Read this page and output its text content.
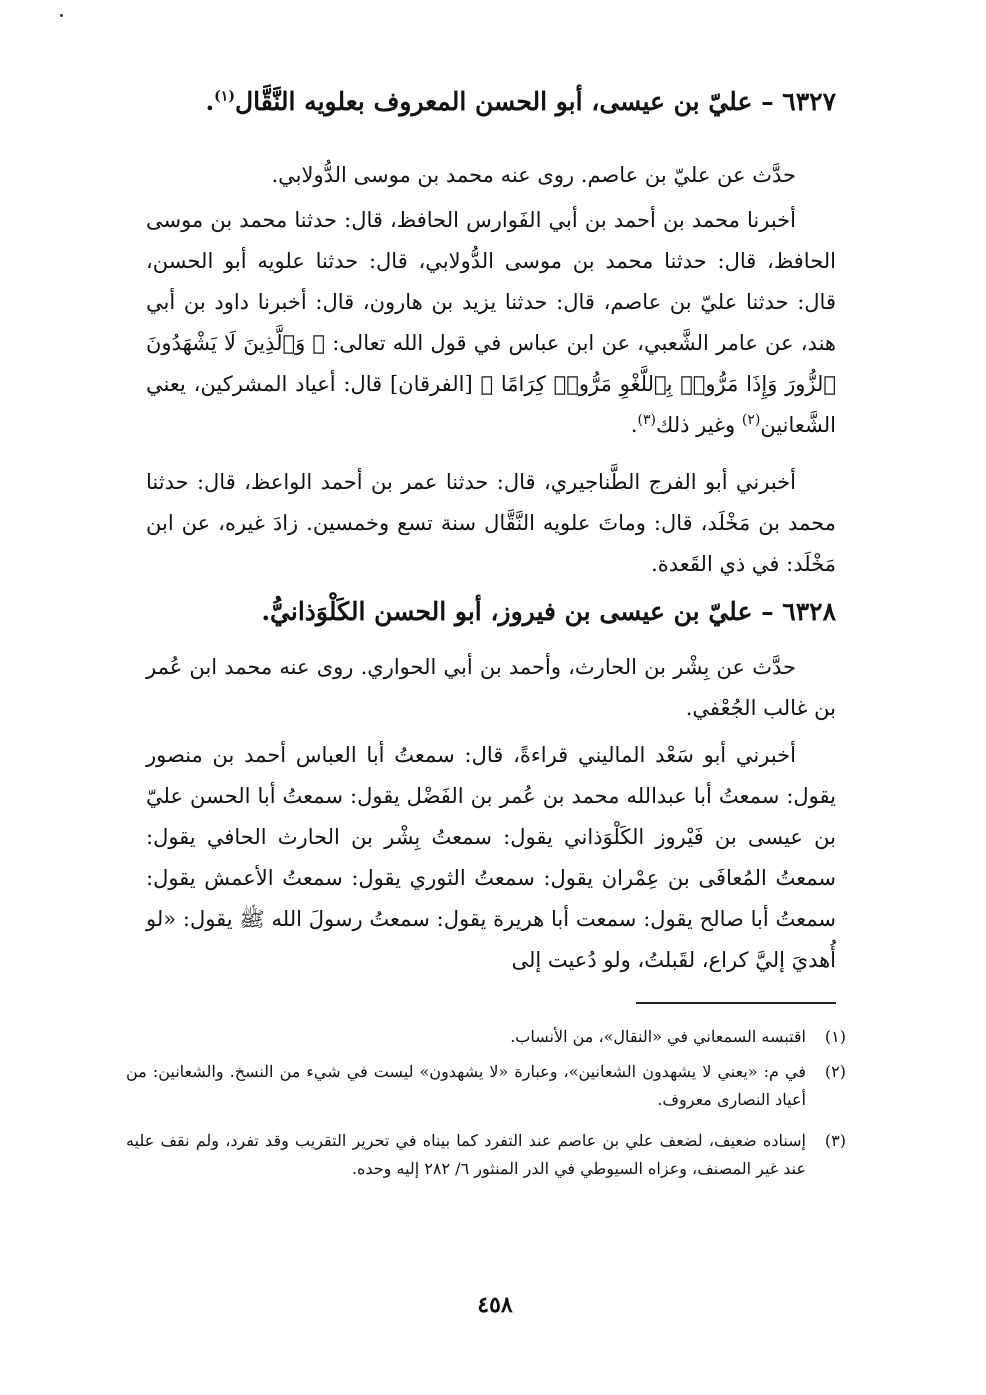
٦٣٢٧ – عليّ بن عيسى، أبو الحسن المعروف بعلويه النَّقَّال$^{(١)}$.
حدَّث عن عليّ بن عاصم. روى عنه محمد بن موسى الدُّولابي.
أخبرنا محمد بن أحمد بن أبي الفَوارس الحافظ، قال: حدثنا محمد بن موسى الحافظ، قال: حدثنا محمد بن موسى الدُّولابي، قال: حدثنا علويه أبو الحسن، قال: حدثنا عليّ بن عاصم، قال: حدثنا يزيد بن هارون، قال: أخبرنا داود بن أبي هند، عن عامر الشَّعبي، عن ابن عباس في قول الله تعالى: ﴿ وَٱلَّذِينَ لَا يَشْهَدُونَ ٱلزُّورَ وَإِذَا مَرُّوا۟ بِٱللَّغْوِ مَرُّوا۟ كِرَامًا ﴾ [الفرقان] قال: أعياد المشركين، يعني الشَّعانين$^{(٢)}$ وغير ذلك$^{(٣)}$.
أخبرني أبو الفرج الطَّناجيري، قال: حدثنا عمر بن أحمد الواعظ، قال: حدثنا محمد بن مَخْلَد، قال: وماتَ علويه النَّقَّال سنة تسع وخمسين. زادَ غيره، عن ابن مَخْلَد: في ذي القَعدة.
٦٣٢٨ – عليّ بن عيسى بن فيروز، أبو الحسن الكَلْوَذانيُّ.
حدَّث عن بِشْر بن الحارث، وأحمد بن أبي الحواري. روى عنه محمد ابن عُمر بن غالب الجُعْفي.
أخبرني أبو سَعْد الماليني قراءةً، قال: سمعتُ أبا العباس أحمد بن منصور يقول: سمعتُ أبا عبدالله محمد بن عُمر بن الفَضْل يقول: سمعتُ أبا الحسن عليّ بن عيسى بن فَيْروز الكَلْوَذاني يقول: سمعتُ بِشْر بن الحارث الحافي يقول: سمعتُ المُعافَى بن عِمْران يقول: سمعتُ الثوري يقول: سمعتُ الأعمش يقول: سمعتُ أبا صالح يقول: سمعت أبا هريرة يقول: سمعتُ رسولَ الله ﷺ يقول: «لو أُهديَ إليَّ كراع، لقَبلتُ، ولو دُعيت إلى
(١)
اقتبسه السمعاني في «النقال»، من الأنساب.
(٢)
في م: «يعني لا يشهدون الشعانين»، وعبارة «لا يشهدون» ليست في شيء من النسخ. والشعانين: من أعياد النصارى معروف.
(٣)
إسناده ضعيف، لضعف علي بن عاصم عند التفرد كما بيناه في تحرير التقريب وقد تفرد، ولم نقف عليه عند غير المصنف، وعزاه السيوطي في الدر المنثور ٦/ ٢٨٢ إليه وحده.
٤٥٨
